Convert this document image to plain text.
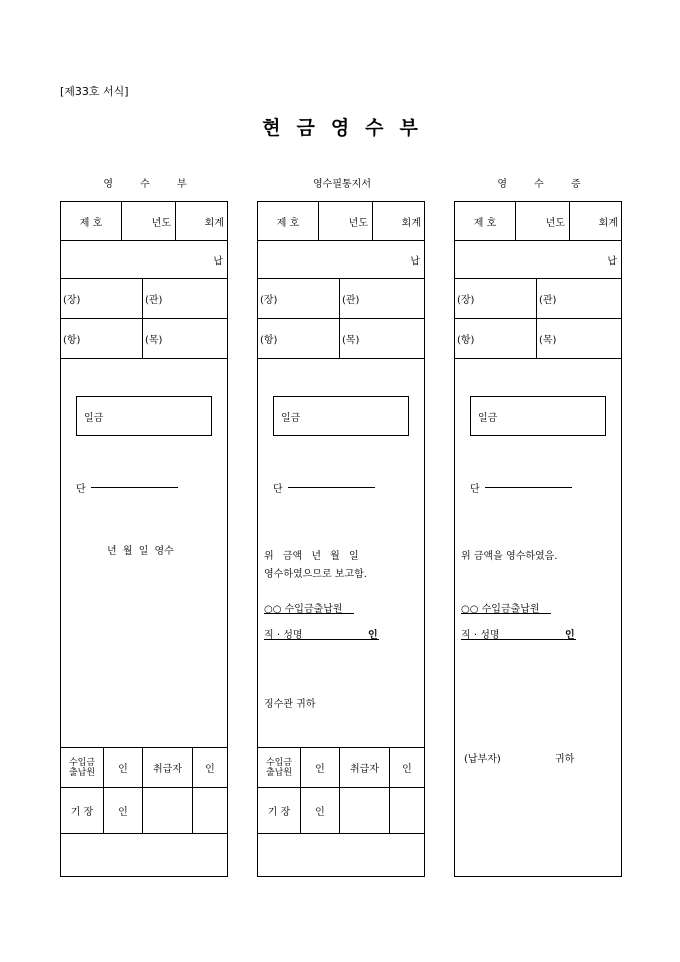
[제33호 서식]
현금영수부
영 수 부	영수필통지서	영 수 증
제 호	년도	회계
납
(장)	(관)
(항)	(목)
일금
단
년 월 일 영수
수입금
출납원	인	취급자	인
기 장	인
제 호	년도	회계
납
(장)	(관)
(항)	(목)
일금
단
위 금액 년 월 일
영수하였으므로 보고함.
○○ 수입금출납원
직 · 성명	인
징수관 귀하
수입금
출납원	인	취급자	인
기 장	인
제 호	년도	회계
납
(장)	(관)
(항)	(목)
일금
단
위 금액을 영수하였음.
○○ 수입금출납원
직 · 성명	인
(납부자)	귀하
